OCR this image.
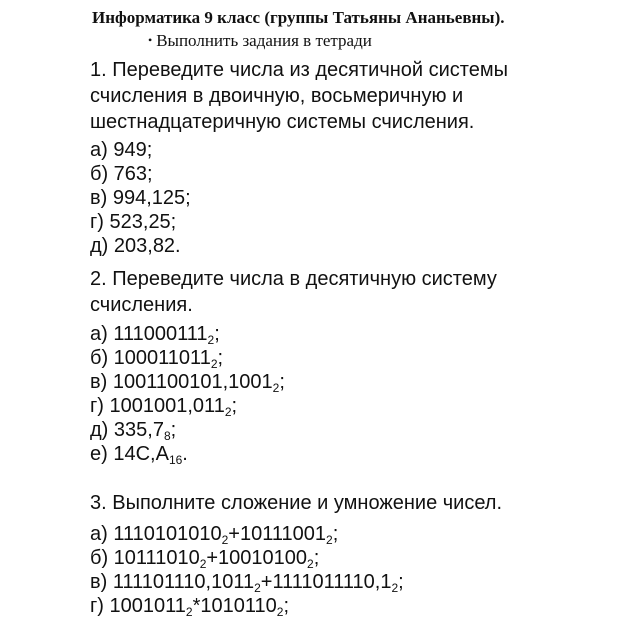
Информатика 9 класс (группы Татьяны Ананьевны).
• Выполнить задания в тетради
1. Переведите числа из десятичной системы
счисления в двоичную, восьмеричную и
шестнадцатеричную системы счисления.
а) 949;
б) 763;
в) 994,125;
г) 523,25;
д) 203,82.
2. Переведите числа в десятичную систему
счисления.
а) $111000111_2$;
б) $100011011_2$;
в) $1001100101,1001_2$;
г) $1001001,011_2$;
д) $335,7_8$;
е) $14С,А_{16}$.
3. Выполните сложение и умножение чисел.
а) $1110101010_2+10111001_2$;
б) $10111010_2+10010100_2$;
в) $111101110,1011_2+1111011110,1_2$;
г) $1001011_2*1010110_2$;
